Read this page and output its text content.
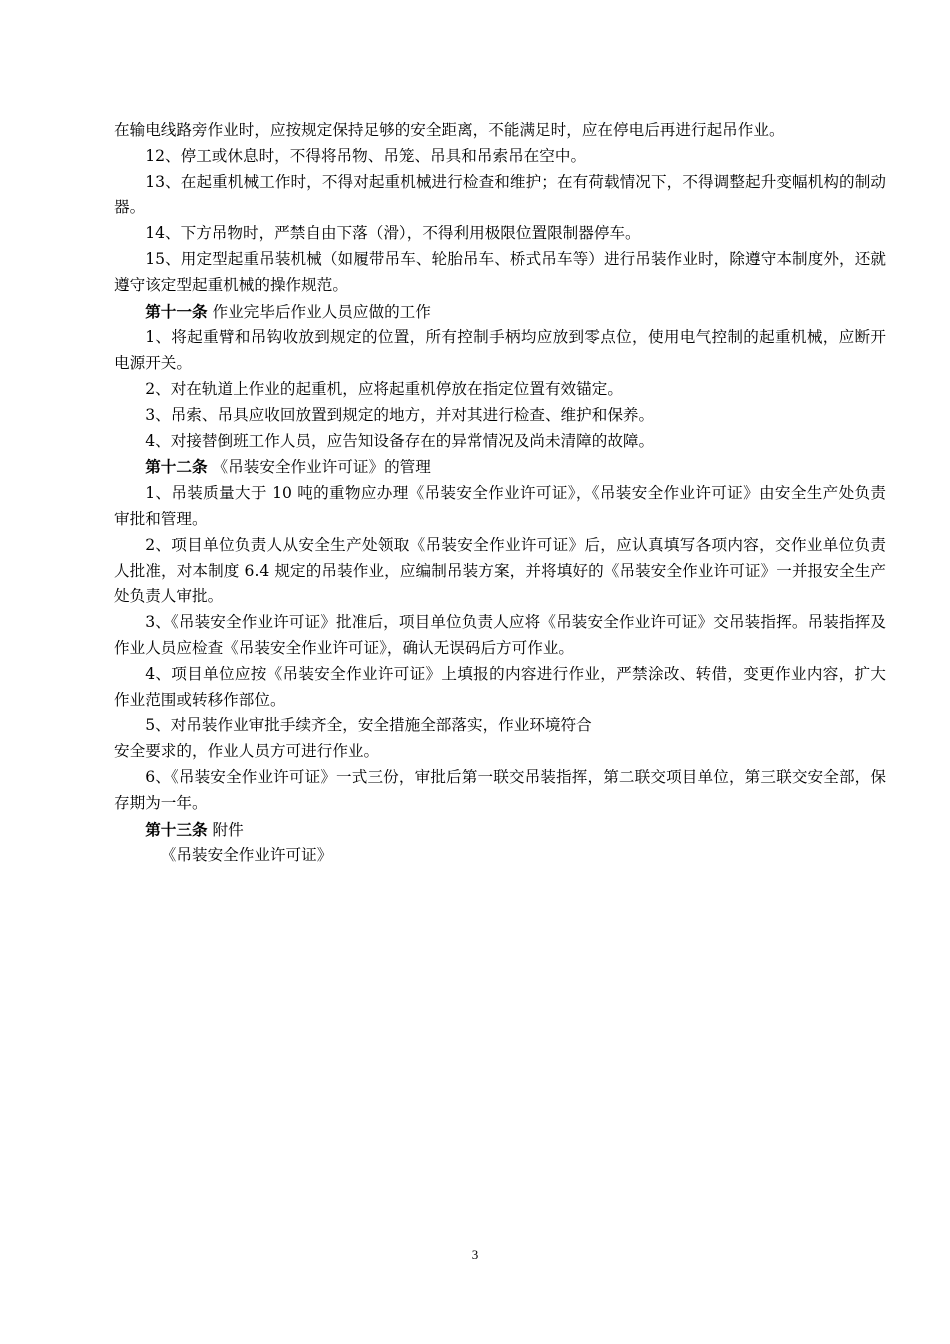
在输电线路旁作业时，应按规定保持足够的安全距离，不能满足时，应在停电后再进行起吊作业。

12、停工或休息时，不得将吊物、吊笼、吊具和吊索吊在空中。

13、在起重机械工作时，不得对起重机械进行检查和维护；在有荷载情况下，不得调整起升变幅机构的制动器。

14、下方吊物时，严禁自由下落（滑），不得利用极限位置限制器停车。

15、用定型起重吊装机械（如履带吊车、轮胎吊车、桥式吊车等）进行吊装作业时，除遵守本制度外，还就遵守该定型起重机械的操作规范。

第十一条 作业完毕后作业人员应做的工作

1、将起重臂和吊钩收放到规定的位置，所有控制手柄均应放到零点位，使用电气控制的起重机械，应断开电源开关。

2、对在轨道上作业的起重机，应将起重机停放在指定位置有效锚定。

3、吊索、吊具应收回放置到规定的地方，并对其进行检查、维护和保养。

4、对接替倒班工作人员，应告知设备存在的异常情况及尚未清障的故障。

第十二条 《吊装安全作业许可证》的管理

1、吊装质量大于 10 吨的重物应办理《吊装安全作业许可证》，《吊装安全作业许可证》由安全生产处负责审批和管理。

2、项目单位负责人从安全生产处领取《吊装安全作业许可证》后，应认真填写各项内容，交作业单位负责人批准，对本制度 6.4 规定的吊装作业，应编制吊装方案，并将填好的《吊装安全作业许可证》一并报安全生产处负责人审批。

3、《吊装安全作业许可证》批准后，项目单位负责人应将《吊装安全作业许可证》交吊装指挥。吊装指挥及作业人员应检查《吊装安全作业许可证》，确认无误码后方可作业。

4、项目单位应按《吊装安全作业许可证》上填报的内容进行作业，严禁涂改、转借，变更作业内容，扩大作业范围或转移作部位。

5、对吊装作业审批手续齐全，安全措施全部落实，作业环境符合

安全要求的，作业人员方可进行作业。

6、《吊装安全作业许可证》一式三份，审批后第一联交吊装指挥，第二联交项目单位，第三联交安全部，保存期为一年。

第十三条 附件

《吊装安全作业许可证》

3
